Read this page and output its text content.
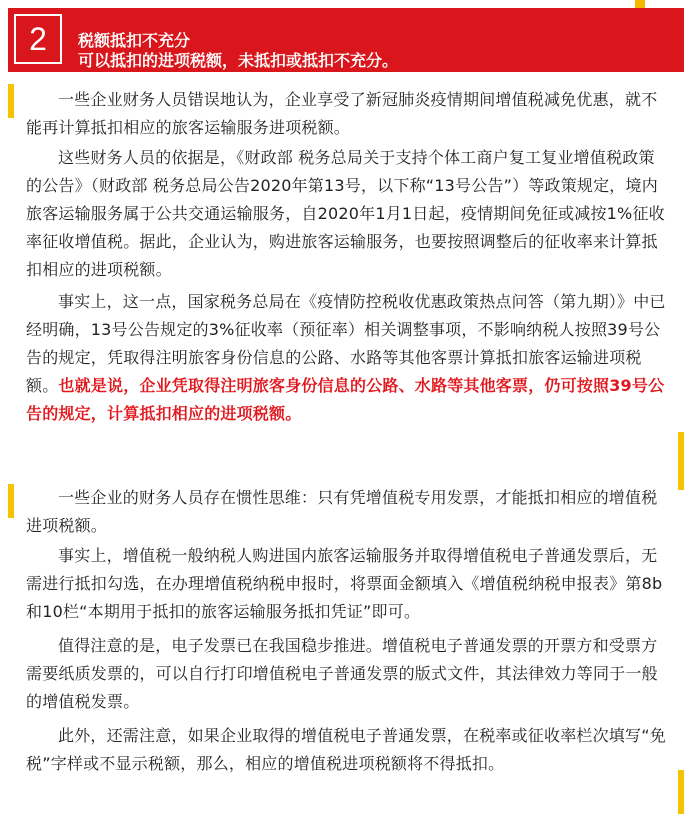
2	税额抵扣不充分
可以抵扣的进项税额，未抵扣或抵扣不充分。

一些企业财务人员错误地认为，企业享受了新冠肺炎疫情期间增值税减免优惠，就不能再计算抵扣相应的旅客运输服务进项税额。

这些财务人员的依据是，《财政部 税务总局关于支持个体工商户复工复业增值税政策的公告》（财政部 税务总局公告2020年第13号，以下称“13号公告”）等政策规定，境内旅客运输服务属于公共交通运输服务，自2020年1月1日起，疫情期间免征或减按1%征收率征收增值税。据此，企业认为，购进旅客运输服务，也要按照调整后的征收率来计算抵扣相应的进项税额。

事实上，这一点，国家税务总局在《疫情防控税收优惠政策热点问答（第九期）》中已经明确，13号公告规定的3%征收率（预征率）相关调整事项，不影响纳税人按照39号公告的规定，凭取得注明旅客身份信息的公路、水路等其他客票计算抵扣旅客运输进项税额。也就是说，企业凭取得注明旅客身份信息的公路、水路等其他客票，仍可按照39号公告的规定，计算抵扣相应的进项税额。

一些企业的财务人员存在惯性思维：只有凭增值税专用发票，才能抵扣相应的增值税进项税额。

事实上，增值税一般纳税人购进国内旅客运输服务并取得增值税电子普通发票后，无需进行抵扣勾选，在办理增值税纳税申报时，将票面金额填入《增值税纳税申报表》第8b和10栏“本期用于抵扣的旅客运输服务抵扣凭证”即可。

值得注意的是，电子发票已在我国稳步推进。增值税电子普通发票的开票方和受票方需要纸质发票的，可以自行打印增值税电子普通发票的版式文件，其法律效力等同于一般的增值税发票。

此外，还需注意，如果企业取得的增值税电子普通发票，在税率或征收率栏次填写“免税”字样或不显示税额，那么，相应的增值税进项税额将不得抵扣。
